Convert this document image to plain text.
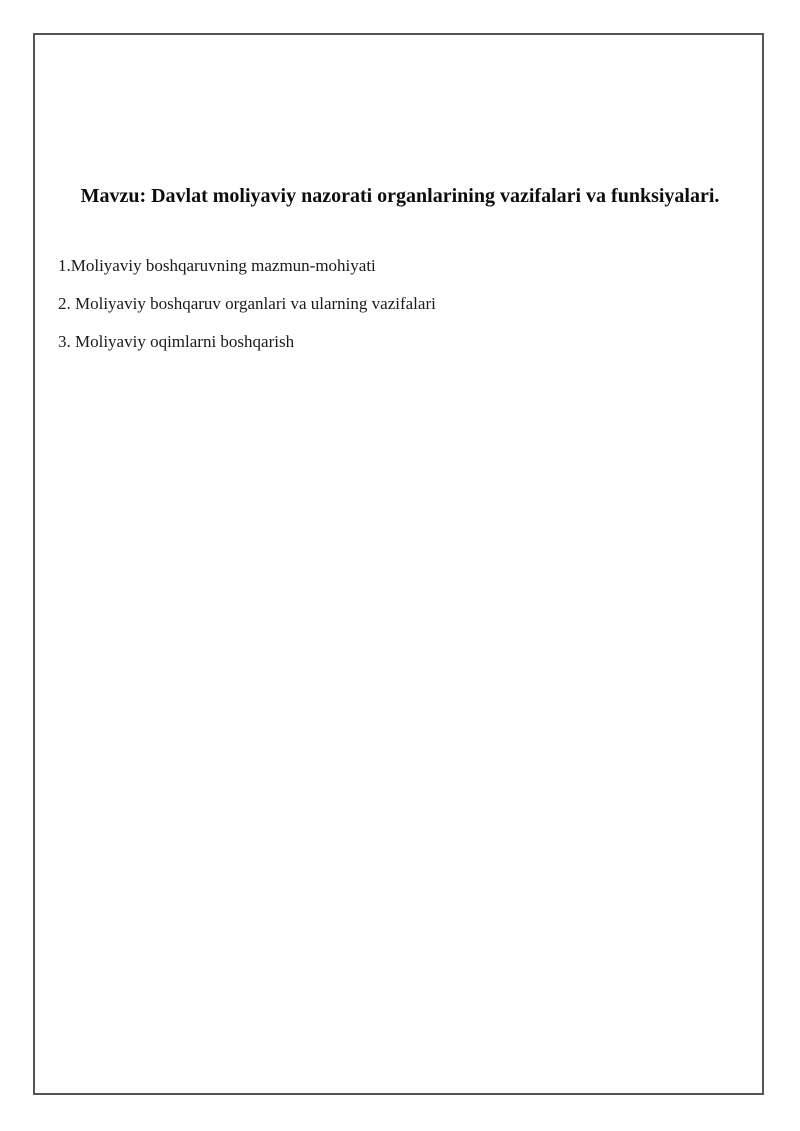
Mavzu: Davlat moliyaviy nazorati organlarining vazifalari va funksiyalari.
1.Moliyaviy boshqaruvning mazmun-mohiyati
2. Moliyaviy boshqaruv organlari va ularning vazifalari
3. Moliyaviy oqimlarni boshqarish
